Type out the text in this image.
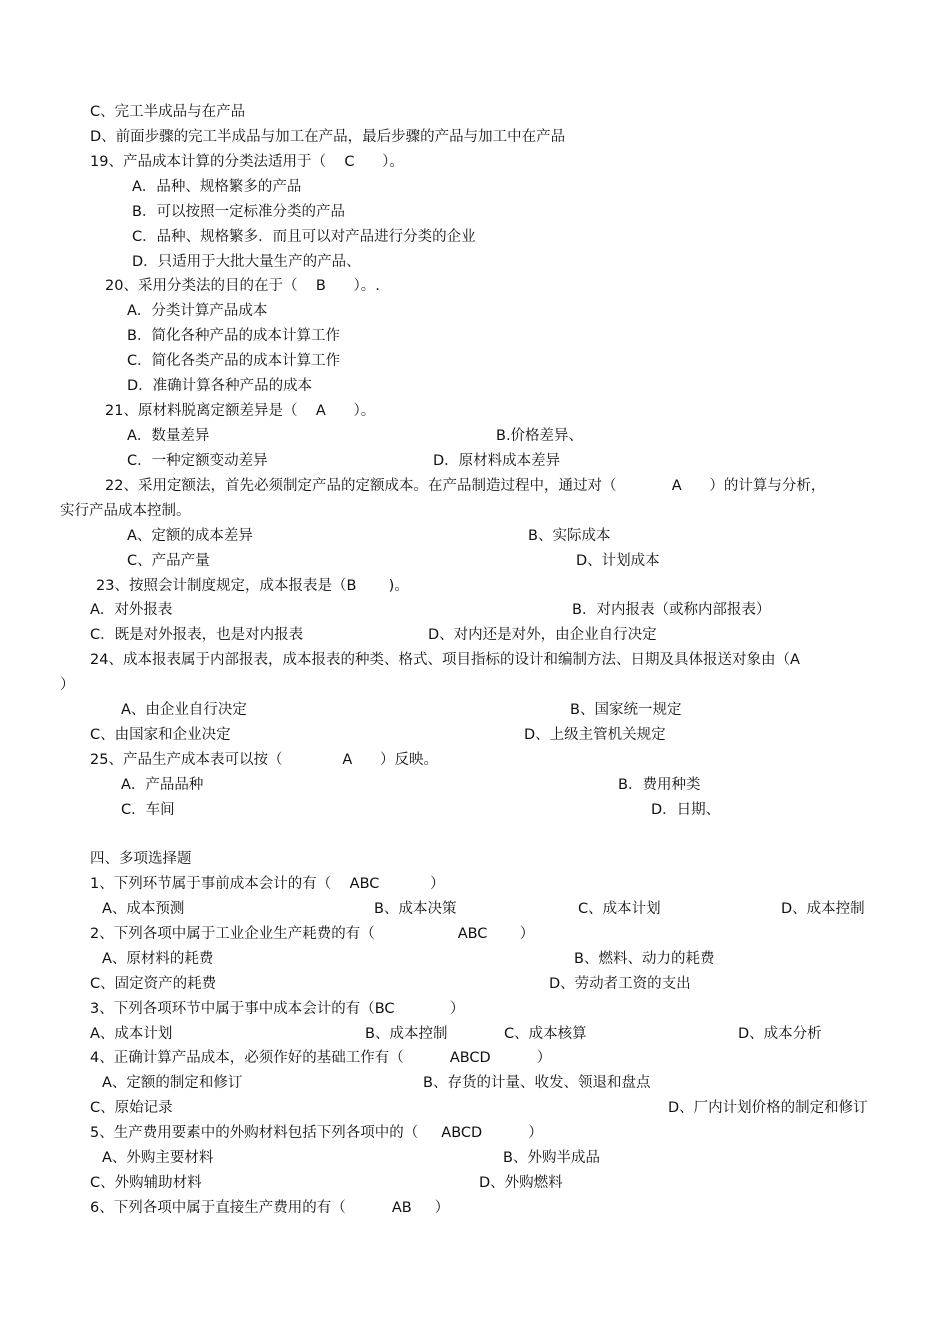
C、完工半成品与在产品
D、前面步骤的完工半成品与加工在产品，最后步骤的产品与加工中在产品
19、产品成本计算的分类法适用于（    C      ）。
A．品种、规格繁多的产品
B．可以按照一定标准分类的产品
C．品种、规格繁多．而且可以对产品进行分类的企业
D．只适用于大批大量生产的产品、
20、采用分类法的目的在于（    B      ）。.
A．分类计算产品成本
B．简化各种产品的成本计算工作
C．简化各类产品的成本计算工作
D．准确计算各种产品的成本
21、原材料脱离定额差异是（    A      ）。
A．数量差异	B.价格差异、
C．一种定额变动差异	D．原材料成本差异
22、采用定额法，首先必须制定产品的定额成本。在产品制造过程中，通过对（            A      ）的计算与分析，
实行产品成本控制。
A、定额的成本差异	B、实际成本
C、产品产量	D、计划成本
23、按照会计制度规定，成本报表是（B       )。
A．对外报表	B．对内报表（或称内部报表）
C．既是对外报表，也是对内报表	D、对内还是对外，由企业自行决定
24、成本报表属于内部报表，成本报表的种类、格式、项目指标的设计和编制方法、日期及具体报送对象由（A
）
A、由企业自行决定	B、国家统一规定
C、由国家和企业决定	D、上级主管机关规定
25、产品生产成本表可以按（             A      ）反映。
A．产品品种	B．费用种类
C．车间	D．日期、
四、多项选择题
1、下列环节属于事前成本会计的有（    ABC           ）
A、成本预测	B、成本决策	C、成本计划	D、成本控制
2、下列各项中属于工业企业生产耗费的有（                  ABC       ）
A、原材料的耗费	B、燃料、动力的耗费
C、固定资产的耗费	D、劳动者工资的支出
3、下列各项环节中属于事中成本会计的有（BC            ）
A、成本计划	B、成本控制	C、成本核算	D、成本分析
4、正确计算产品成本，必须作好的基础工作有（          ABCD          ）
A、定额的制定和修订	B、存货的计量、收发、领退和盘点
C、原始记录	D、厂内计划价格的制定和修订
5、生产费用要素中的外购材料包括下列各项中的（     ABCD          ）
A、外购主要材料	B、外购半成品
C、外购辅助材料	D、外购燃料
6、下列各项中属于直接生产费用的有（          AB     ）
